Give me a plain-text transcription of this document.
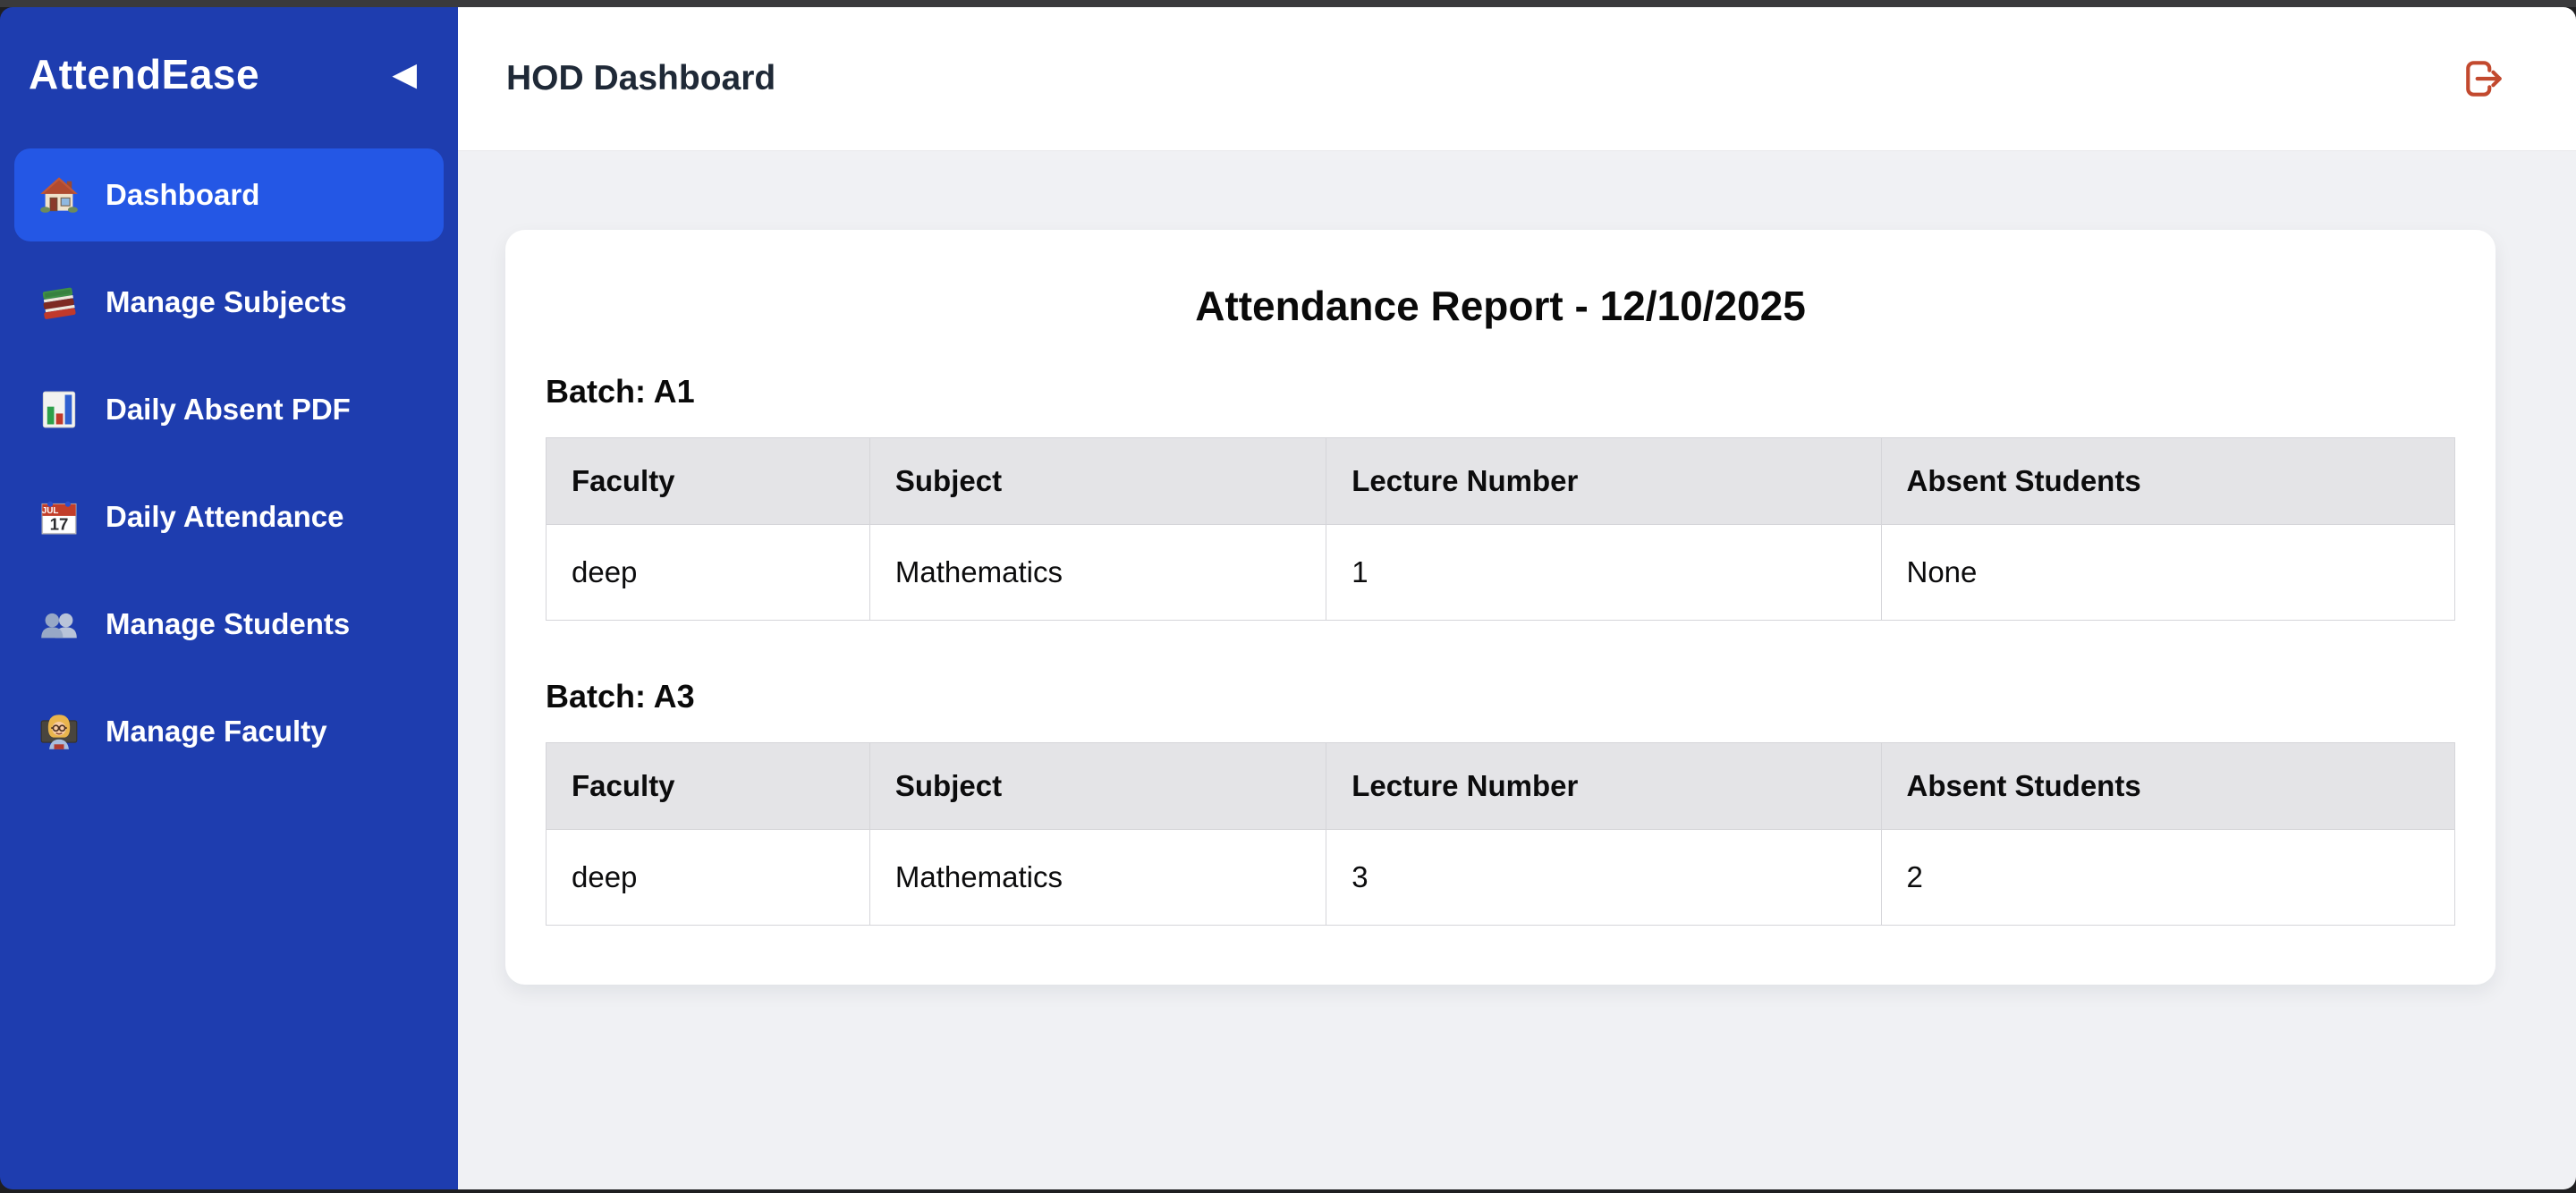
AttendEase	◀
Dashboard
Manage Subjects
Daily Absent PDF
JUL
17 Daily Attendance
Manage Students
Manage Faculty
HOD Dashboard
Attendance Report - 12/10/2025
Batch: A1
Faculty	Subject	Lecture Number	Absent Students
deep	Mathematics	1	None
Batch: A3
Faculty	Subject	Lecture Number	Absent Students
deep	Mathematics	3	2
